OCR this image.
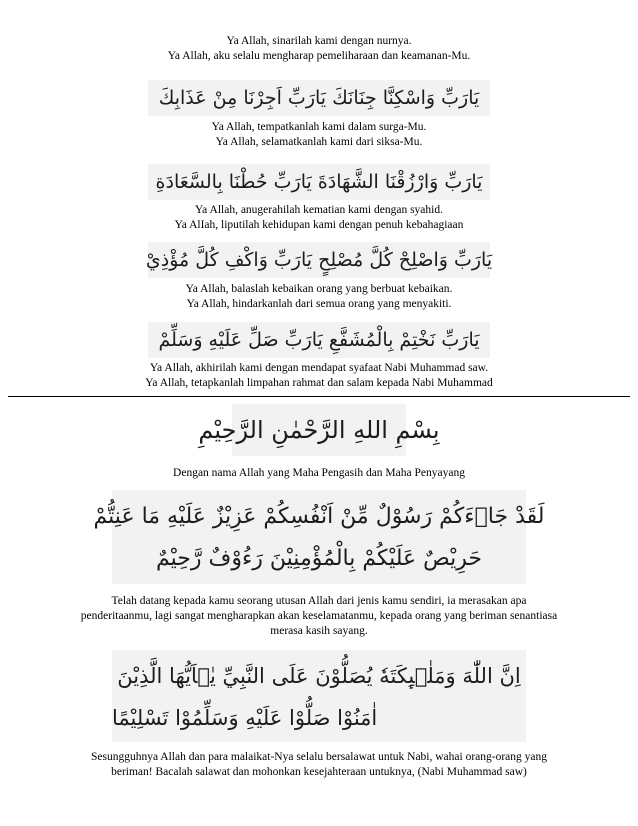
Ya Allah, sinarilah kami dengan nurnya.
Ya Allah, aku selalu mengharap pemeliharaan dan keamanan-Mu.
يَارَبِّ وَاسْكِنَّا جِنَانَكَ يَارَبِّ اَجِرْنَا مِنْ عَذَابِكَ
Ya Allah, tempatkanlah kami dalam surga-Mu.
Ya Allah, selamatkanlah kami dari siksa-Mu.
يَارَبِّ وَارْزُقْنَا الشَّهَادَةَ يَارَبِّ حُطْنَا بِالسَّعَادَةِ
Ya Allah, anugerahilah kematian kami dengan syahid.
Ya AlIah, liputilah kehidupan kami dengan penuh kebahagiaan
يَارَبِّ وَاصْلِحْ كُلَّ مُصْلِحٍ يَارَبِّ وَاكْفِ كُلَّ مُؤْذِيْ
Ya Allah, balaslah kebaikan orang yang berbuat kebaikan.
Ya Allah, hindarkanlah dari semua orang yang menyakiti.
يَارَبِّ نَخْتِمْ بِالْمُشَفَّعِ يَارَبِّ صَلِّ عَلَيْهِ وَسَلِّمْ
Ya Allah, akhirilah kami dengan mendapat syafaat Nabi Muhammad saw.
Ya Allah, tetapkanlah limpahan rahmat dan salam kepada Nabi Muhammad
بِسْمِ اللهِ الرَّحْمٰنِ الرَّحِيْمِ
Dengan nama Allah yang Maha Pengasih dan Maha Penyayang
لَقَدْ جَاۤءَكُمْ رَسُوْلٌ مِّنْ اَنْفُسِكُمْ عَزِيْزٌ عَلَيْهِ مَا عَنِتُّمْ
حَرِيْصٌ عَلَيْكُمْ بِالْمُؤْمِنِيْنَ رَءُوْفٌ رَّحِيْمٌ
Telah datang kepada kamu seorang utusan Allah dari jenis kamu sendiri, ia merasakan apa
penderitaanmu, lagi sangat mengharapkan akan keselamatanmu, kepada orang yang beriman senantiasa
merasa kasih sayang.
اِنَّ اللّٰهَ وَمَلٰۤىِٕكَتَهٗ يُصَلُّوْنَ عَلَى النَّبِيِّ يٰۤاَيُّهَا الَّذِيْنَ
اٰمَنُوْا صَلُّوْا عَلَيْهِ وَسَلِّمُوْا تَسْلِيْمًا
Sesungguhnya Allah dan para malaikat-Nya selalu bersalawat untuk Nabi, wahai orang-orang yang
beriman! Bacalah salawat dan mohonkan kesejahteraan untuknya, (Nabi Muhammad saw)
